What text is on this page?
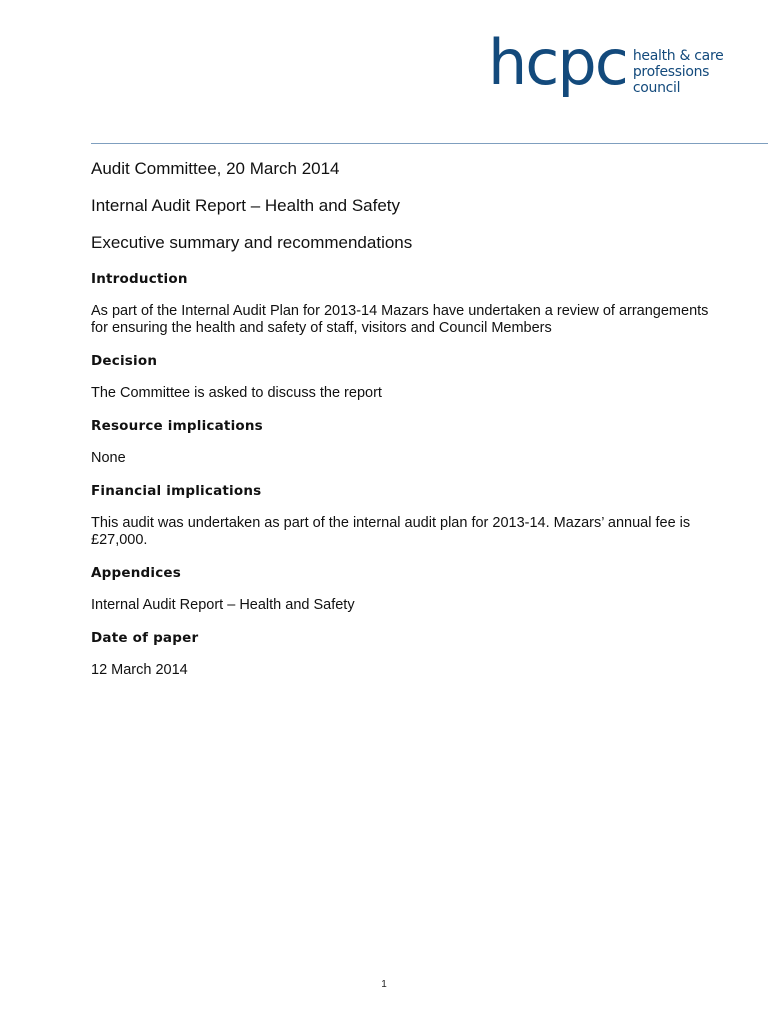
hcpc health & care
professions
council
Audit Committee, 20 March 2014
Internal Audit Report – Health and Safety
Executive summary and recommendations
Introduction

As part of the Internal Audit Plan for 2013-14 Mazars have undertaken a review of arrangements for ensuring the health and safety of staff, visitors and Council Members

Decision

The Committee is asked to discuss the report

Resource implications

None

Financial implications

This audit was undertaken as part of the internal audit plan for 2013-14. Mazars’ annual fee is £27,000.

Appendices

Internal Audit Report – Health and Safety

Date of paper

12 March 2014

1
